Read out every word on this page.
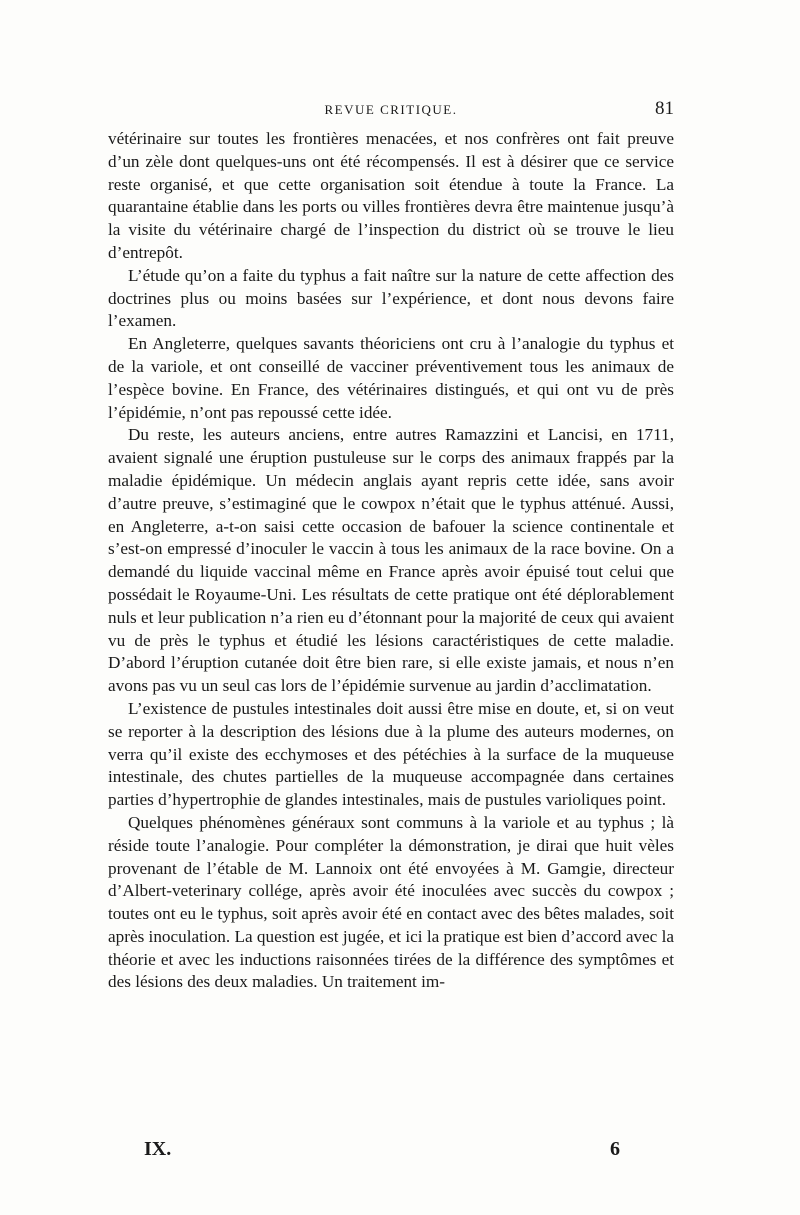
REVUE CRITIQUE.	81

vétérinaire sur toutes les frontières menacées, et nos confrères ont fait preuve d’un zèle dont quelques-uns ont été récompensés. Il est à désirer que ce service reste organisé, et que cette organisation soit étendue à toute la France. La quarantaine établie dans les ports ou villes frontières devra être maintenue jusqu’à la visite du vétérinaire chargé de l’inspection du district où se trouve le lieu d’entrepôt.

L’étude qu’on a faite du typhus a fait naître sur la nature de cette affection des doctrines plus ou moins basées sur l’expérience, et dont nous devons faire l’examen.

En Angleterre, quelques savants théoriciens ont cru à l’analogie du typhus et de la variole, et ont conseillé de vacciner préventivement tous les animaux de l’espèce bovine. En France, des vétérinaires distingués, et qui ont vu de près l’épidémie, n’ont pas repoussé cette idée.

Du reste, les auteurs anciens, entre autres Ramazzini et Lancisi, en 1711, avaient signalé une éruption pustuleuse sur le corps des animaux frappés par la maladie épidémique. Un médecin anglais ayant repris cette idée, sans avoir d’autre preuve, s’estimaginé que le cowpox n’était que le typhus atténué. Aussi, en Angleterre, a-t-on saisi cette occasion de bafouer la science continentale et s’est-on empressé d’inoculer le vaccin à tous les animaux de la race bovine. On a demandé du liquide vaccinal même en France après avoir épuisé tout celui que possédait le Royaume-Uni. Les résultats de cette pratique ont été déplorablement nuls et leur publication n’a rien eu d’étonnant pour la majorité de ceux qui avaient vu de près le typhus et étudié les lésions caractéristiques de cette maladie. D’abord l’éruption cutanée doit être bien rare, si elle existe jamais, et nous n’en avons pas vu un seul cas lors de l’épidémie survenue au jardin d’acclimatation.

L’existence de pustules intestinales doit aussi être mise en doute, et, si on veut se reporter à la description des lésions due à la plume des auteurs modernes, on verra qu’il existe des ecchymoses et des pétéchies à la surface de la muqueuse intestinale, des chutes partielles de la muqueuse accompagnée dans certaines parties d’hypertrophie de glandes intestinales, mais de pustules varioliques point.

Quelques phénomènes généraux sont communs à la variole et au typhus ; là réside toute l’analogie. Pour compléter la démonstration, je dirai que huit vèles provenant de l’étable de M. Lannoix ont été envoyées à M. Gamgie, directeur d’Albert-veterinary collége, après avoir été inoculées avec succès du cowpox ; toutes ont eu le typhus, soit après avoir été en contact avec des bêtes malades, soit après inoculation. La question est jugée, et ici la pratique est bien d’accord avec la théorie et avec les inductions raisonnées tirées de la différence des symptômes et des lésions des deux maladies. Un traitement im-

IX.	6
